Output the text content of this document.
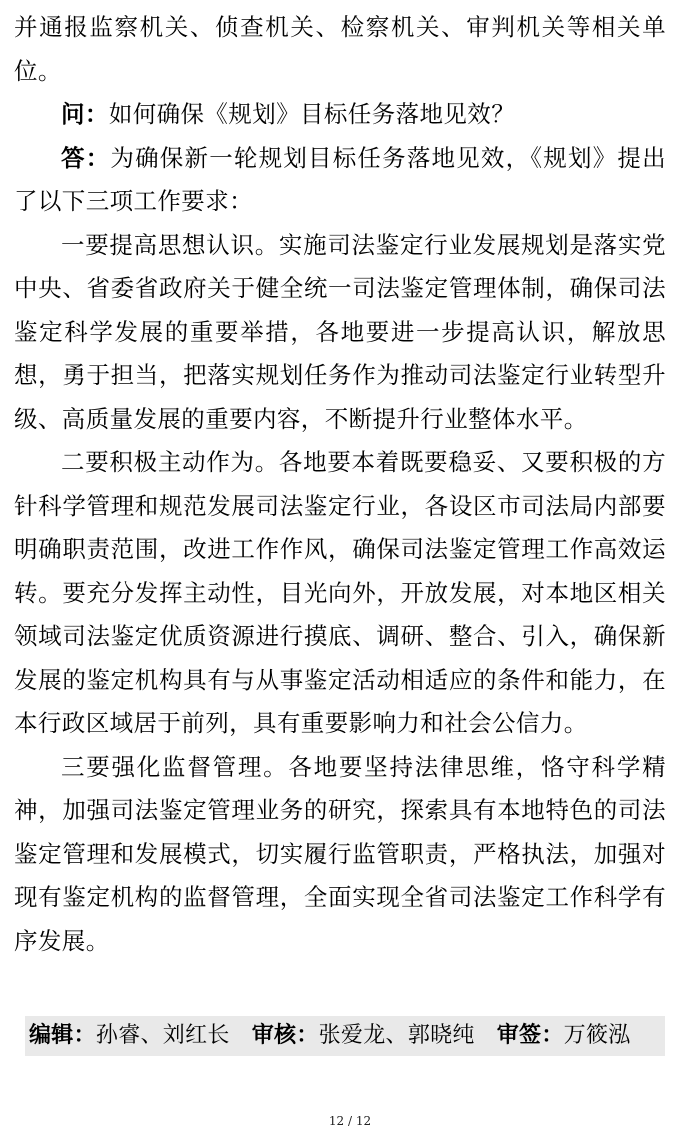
并通报监察机关、侦查机关、检察机关、审判机关等相关单位。

问：如何确保《规划》目标任务落地见效？

答：为确保新一轮规划目标任务落地见效，《规划》提出了以下三项工作要求：

一要提高思想认识。实施司法鉴定行业发展规划是落实党中央、省委省政府关于健全统一司法鉴定管理体制，确保司法鉴定科学发展的重要举措，各地要进一步提高认识，解放思想，勇于担当，把落实规划任务作为推动司法鉴定行业转型升级、高质量发展的重要内容，不断提升行业整体水平。

二要积极主动作为。各地要本着既要稳妥、又要积极的方针科学管理和规范发展司法鉴定行业，各设区市司法局内部要明确职责范围，改进工作作风，确保司法鉴定管理工作高效运转。要充分发挥主动性，目光向外，开放发展，对本地区相关领域司法鉴定优质资源进行摸底、调研、整合、引入，确保新发展的鉴定机构具有与从事鉴定活动相适应的条件和能力，在本行政区域居于前列，具有重要影响力和社会公信力。

三要强化监督管理。各地要坚持法律思维，恪守科学精神，加强司法鉴定管理业务的研究，探索具有本地特色的司法鉴定管理和发展模式，切实履行监管职责，严格执法，加强对现有鉴定机构的监督管理，全面实现全省司法鉴定工作科学有序发展。

编辑：孙睿、刘红长 审核：张爱龙、郭晓纯 审签：万筱泓
12 / 12
